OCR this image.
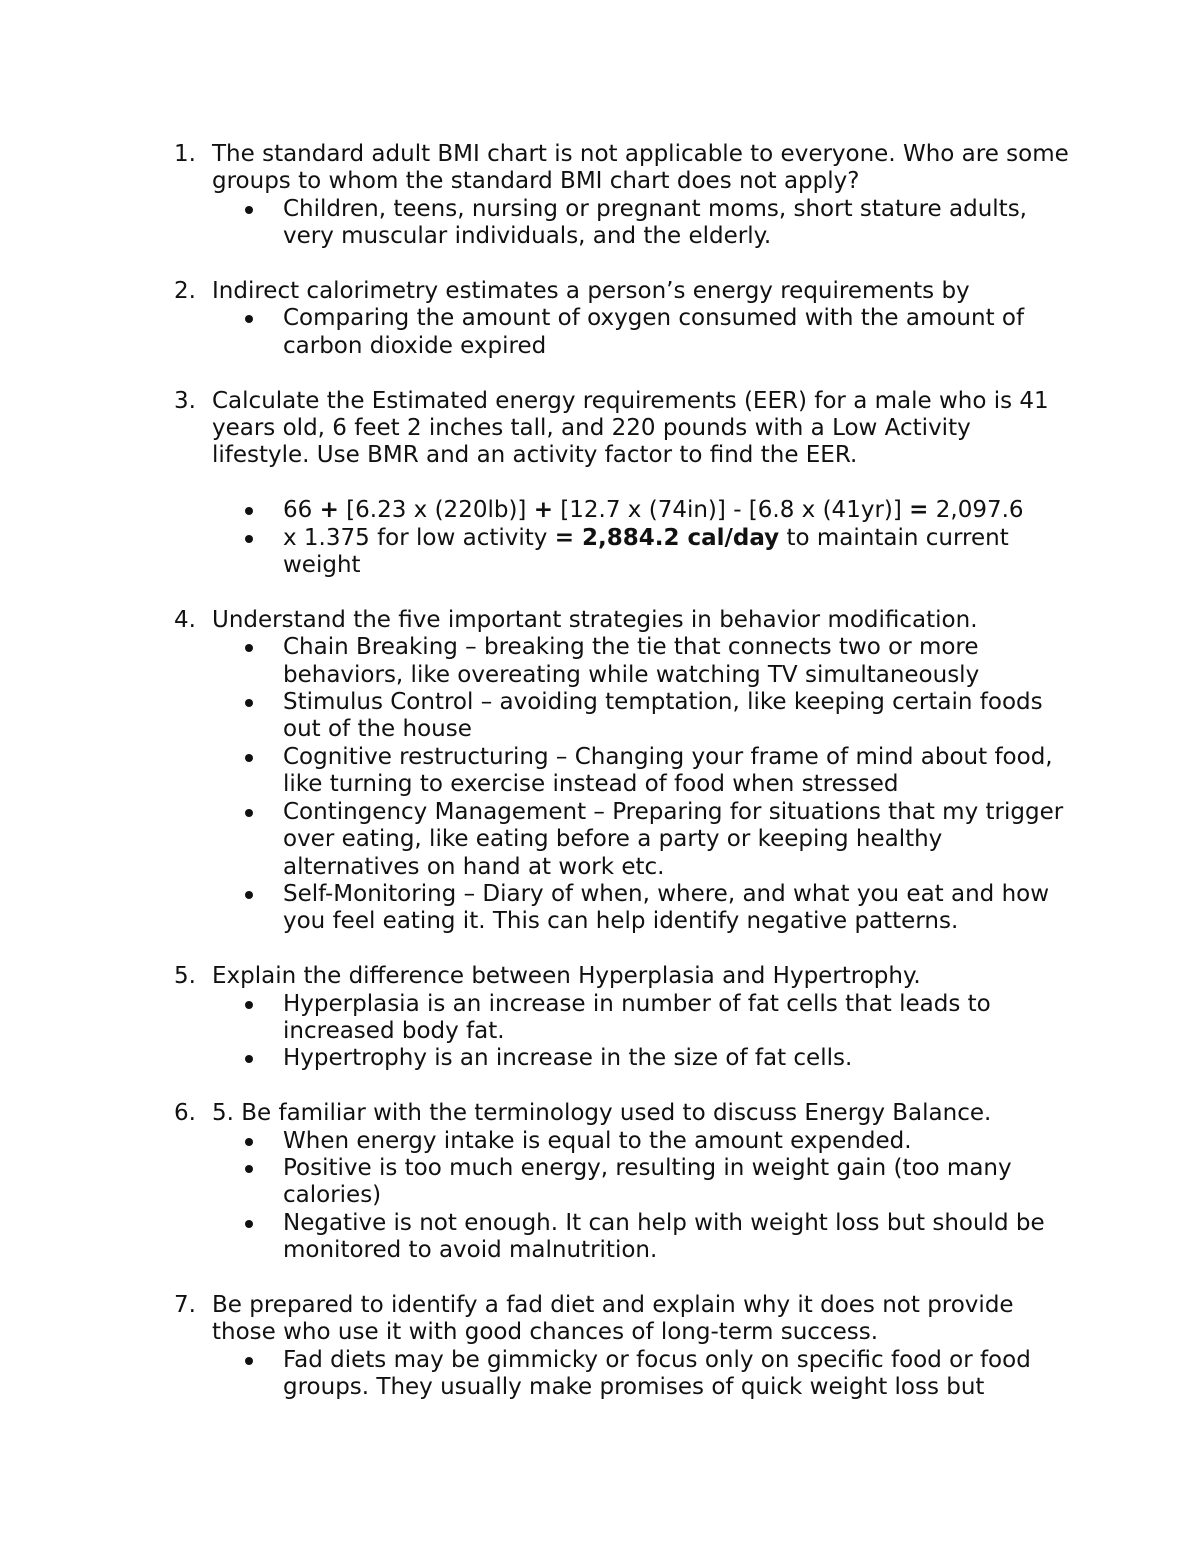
1. The standard adult BMI chart is not applicable to everyone. Who are some groups to whom the standard BMI chart does not apply?
Children, teens, nursing or pregnant moms, short stature adults, very muscular individuals, and the elderly.
2. Indirect calorimetry estimates a person’s energy requirements by
Comparing the amount of oxygen consumed with the amount of carbon dioxide expired
3. Calculate the Estimated energy requirements (EER) for a male who is 41 years old, 6 feet 2 inches tall, and 220 pounds with a Low Activity lifestyle. Use BMR and an activity factor to find the EER.
66 + [6.23 x (220lb)] + [12.7 x (74in)] - [6.8 x (41yr)] = 2,097.6
x 1.375 for low activity = 2,884.2 cal/day to maintain current weight
4. Understand the five important strategies in behavior modification.
Chain Breaking – breaking the tie that connects two or more behaviors, like overeating while watching TV simultaneously
Stimulus Control – avoiding temptation, like keeping certain foods out of the house
Cognitive restructuring – Changing your frame of mind about food, like turning to exercise instead of food when stressed
Contingency Management – Preparing for situations that my trigger over eating, like eating before a party or keeping healthy alternatives on hand at work etc.
Self-Monitoring – Diary of when, where, and what you eat and how you feel eating it. This can help identify negative patterns.
5. Explain the difference between Hyperplasia and Hypertrophy.
Hyperplasia is an increase in number of fat cells that leads to increased body fat.
Hypertrophy is an increase in the size of fat cells.
6. 5. Be familiar with the terminology used to discuss Energy Balance.
When energy intake is equal to the amount expended.
Positive is too much energy, resulting in weight gain (too many calories)
Negative is not enough. It can help with weight loss but should be monitored to avoid malnutrition.
7. Be prepared to identify a fad diet and explain why it does not provide those who use it with good chances of long-term success.
Fad diets may be gimmicky or focus only on specific food or food groups. They usually make promises of quick weight loss but
